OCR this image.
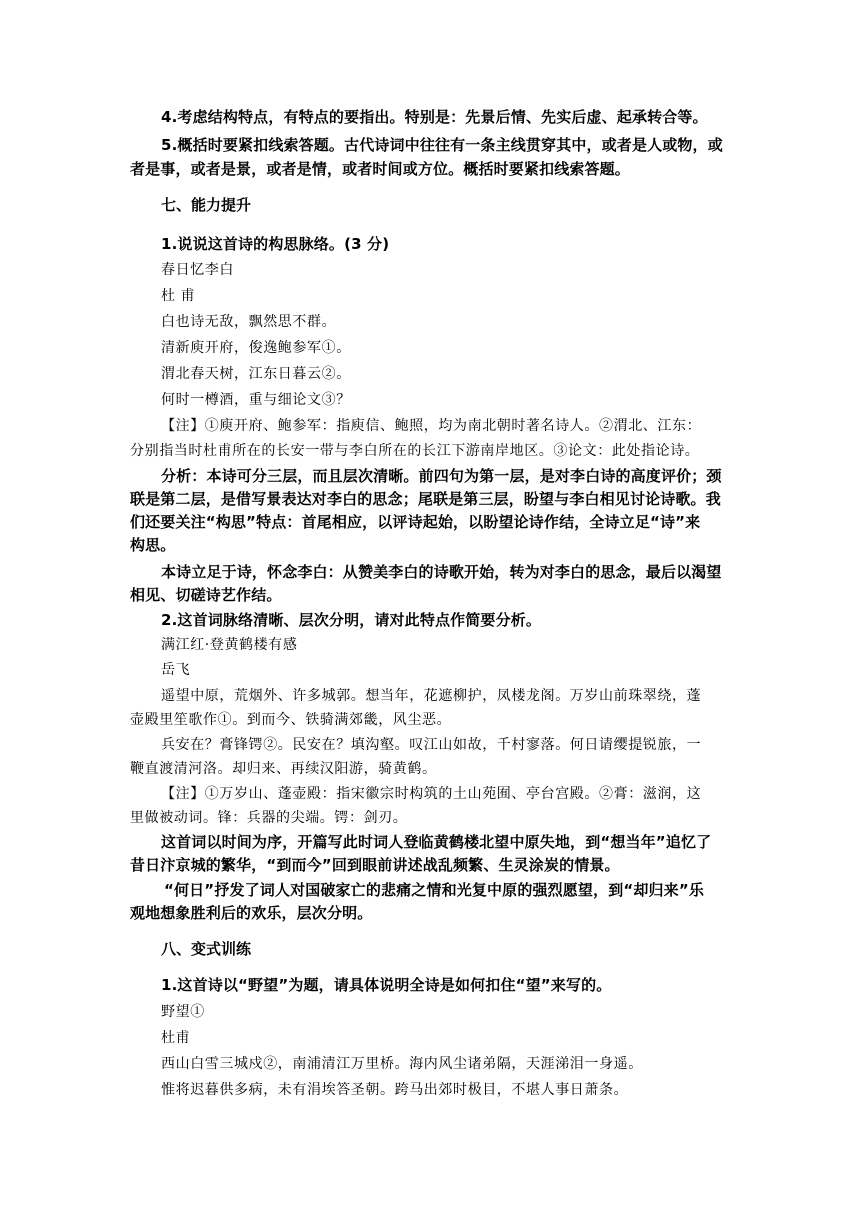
4.考虑结构特点，有特点的要指出。特别是：先景后情、先实后虚、起承转合等。
5.概括时要紧扣线索答题。古代诗词中往往有一条主线贯穿其中，或者是人或物，或
者是事，或者是景，或者是情，或者时间或方位。概括时要紧扣线索答题。
七、能力提升
1.说说这首诗的构思脉络。(3 分)
春日忆李白
杜 甫
白也诗无敌，飘然思不群。
清新庾开府，俊逸鲍参军①。
渭北春天树，江东日暮云②。
何时一樽酒，重与细论文③？
【注】①庾开府、鲍参军：指庾信、鲍照，均为南北朝时著名诗人。②渭北、江东：
分别指当时杜甫所在的长安一带与李白所在的长江下游南岸地区。③论文：此处指论诗。
分析：本诗可分三层，而且层次清晰。前四句为第一层，是对李白诗的高度评价；颈
联是第二层，是借写景表达对李白的思念；尾联是第三层，盼望与李白相见讨论诗歌。我
们还要关注“构思”特点：首尾相应，以评诗起始，以盼望论诗作结，全诗立足“诗”来
构思。
本诗立足于诗，怀念李白：从赞美李白的诗歌开始，转为对李白的思念，最后以渴望
相见、切磋诗艺作结。
2.这首词脉络清晰、层次分明，请对此特点作简要分析。
满江红·登黄鹤楼有感
岳飞
遥望中原，荒烟外、许多城郭。想当年，花遮柳护，凤楼龙阁。万岁山前珠翠绕，蓬
壶殿里笙歌作①。到而今、铁骑满郊畿，风尘恶。
兵安在？膏锋锷②。民安在？填沟壑。叹江山如故，千村寥落。何日请缨提锐旅，一
鞭直渡清河洛。却归来、再续汉阳游，骑黄鹤。
【注】①万岁山、蓬壶殿：指宋徽宗时构筑的土山苑囿、亭台宫殿。②膏：滋润，这
里做被动词。锋：兵器的尖端。锷：剑刃。
这首词以时间为序，开篇写此时词人登临黄鹤楼北望中原失地，到“想当年”追忆了
昔日汴京城的繁华，“到而今”回到眼前讲述战乱频繁、生灵涂炭的情景。
“何日”抒发了词人对国破家亡的悲痛之情和光复中原的强烈愿望，到“却归来”乐
观地想象胜利后的欢乐，层次分明。
八、变式训练
1.这首诗以“野望”为题，请具体说明全诗是如何扣住“望”来写的。
野望①
杜甫
西山白雪三城戍②，南浦清江万里桥。海内风尘诸弟隔，天涯涕泪一身遥。
惟将迟暮供多病，未有涓埃答圣朝。跨马出郊时极目，不堪人事日萧条。
